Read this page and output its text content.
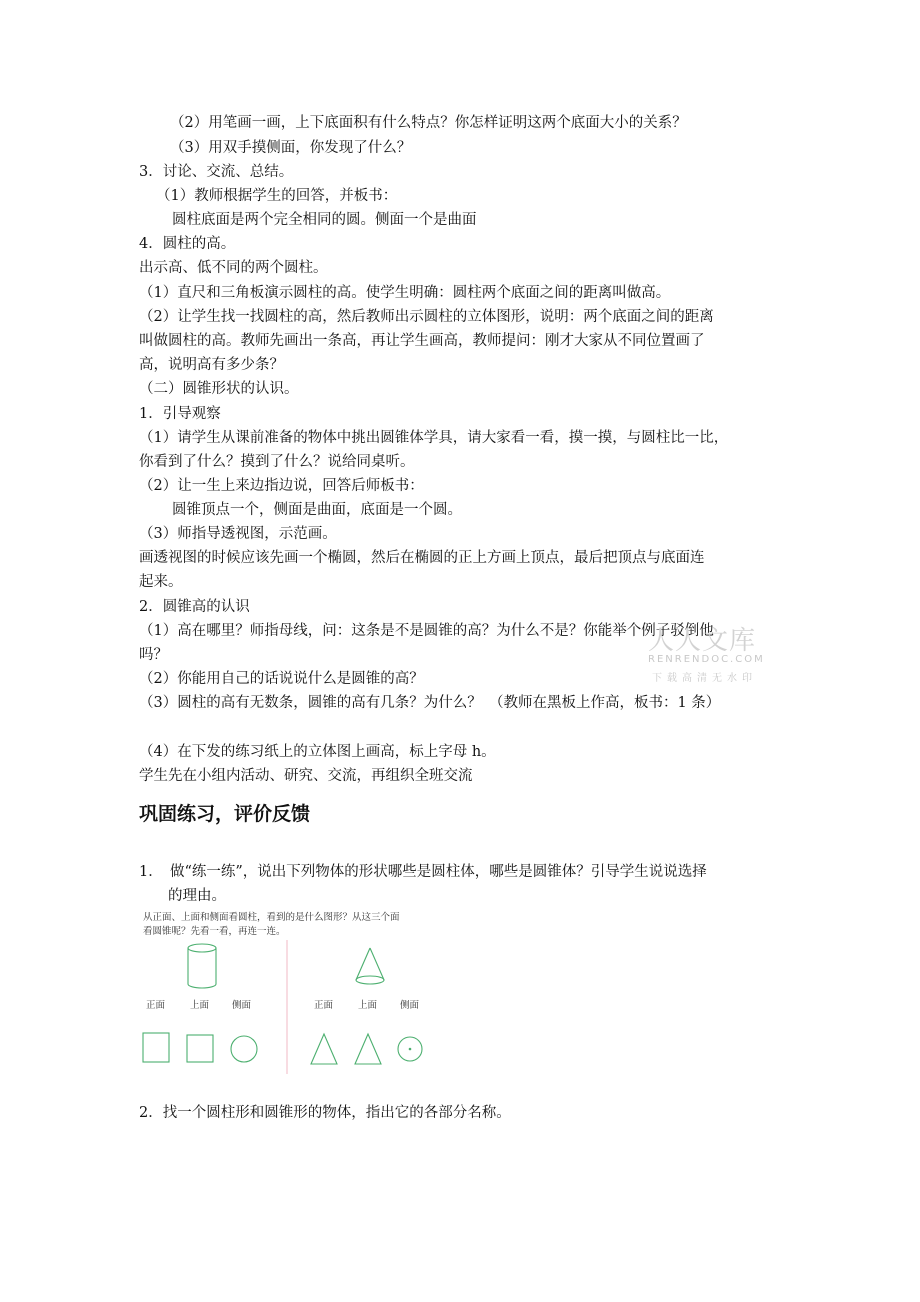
（2）用笔画一画，上下底面积有什么特点？你怎样证明这两个底面大小的关系？
（3）用双手摸侧面，你发现了什么？
3．讨论、交流、总结。
（1）教师根据学生的回答，并板书：
圆柱底面是两个完全相同的圆。侧面一个是曲面
4．圆柱的高。
出示高、低不同的两个圆柱。
（1）直尺和三角板演示圆柱的高。使学生明确：圆柱两个底面之间的距离叫做高。
（2）让学生找一找圆柱的高，然后教师出示圆柱的立体图形，说明：两个底面之间的距离
叫做圆柱的高。教师先画出一条高，再让学生画高，教师提问：刚才大家从不同位置画了
高，说明高有多少条？
（二）圆锥形状的认识。
1．引导观察
（1）请学生从课前准备的物体中挑出圆锥体学具，请大家看一看，摸一摸，与圆柱比一比，
你看到了什么？摸到了什么？说给同桌听。
（2）让一生上来边指边说，回答后师板书：
圆锥顶点一个，侧面是曲面，底面是一个圆。
（3）师指导透视图，示范画。
画透视图的时候应该先画一个椭圆，然后在椭圆的正上方画上顶点，最后把顶点与底面连
起来。
2．圆锥高的认识
（1）高在哪里？师指母线，问：这条是不是圆锥的高？为什么不是？你能举个例子驳倒他
吗？
（2）你能用自己的话说说什么是圆锥的高？
（3）圆柱的高有无数条，圆锥的高有几条？为什么？　（教师在黑板上作高，板书：1 条）
（4）在下发的练习纸上的立体图上画高，标上字母 h。
学生先在小组内活动、研究、交流，再组织全班交流
人人文库
RENRENDOC.COM
下载高清无水印
巩固练习，评价反馈
1．　做“练一练”，说出下列物体的形状哪些是圆柱体，哪些是圆锥体？引导学生说说选择
的理由。
从正面、上面和侧面看圆柱，看到的是什么图形？从这三个面
看圆锥呢？先看一看，再连一连。
正面	上面 侧面	正面	上面 侧面
2．找一个圆柱形和圆锥形的物体，指出它的各部分名称。
